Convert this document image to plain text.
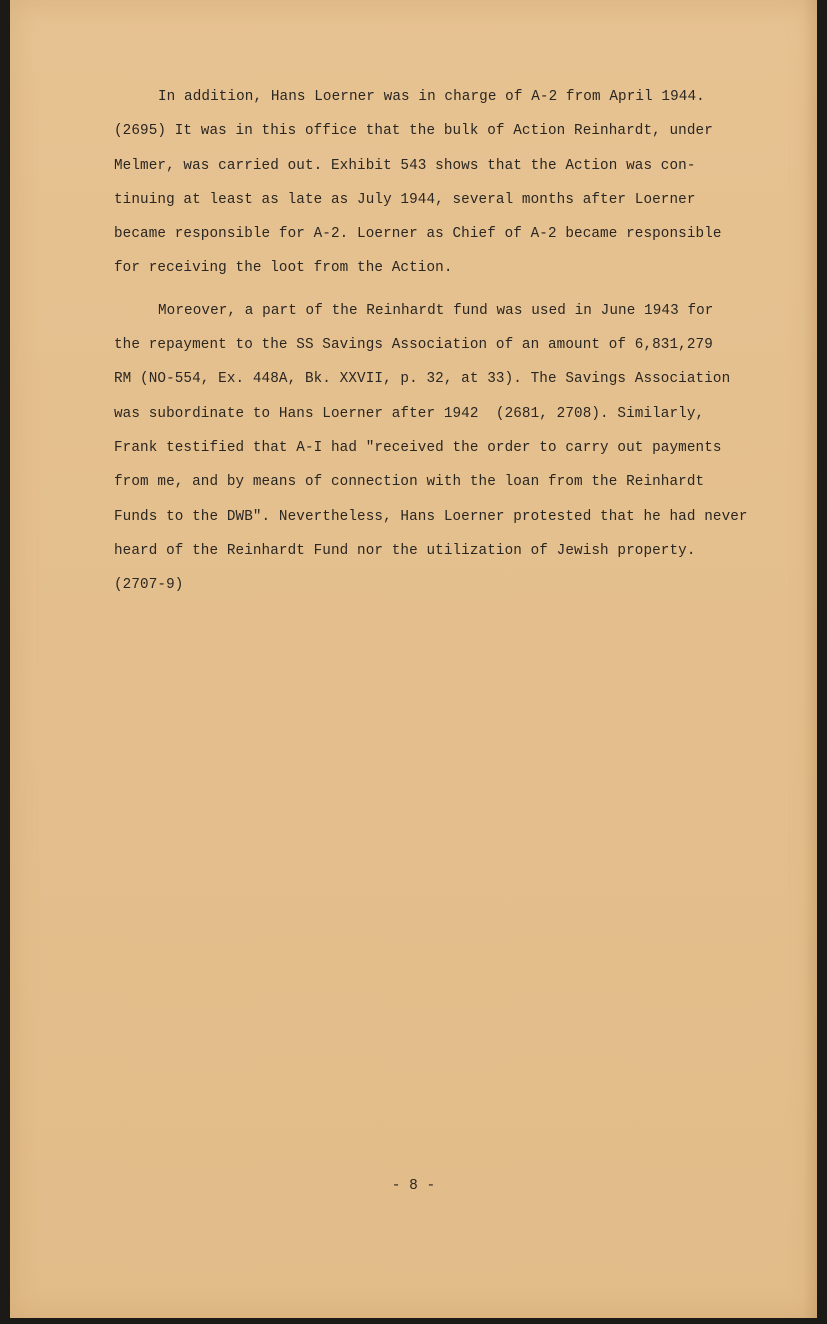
In addition, Hans Loerner was in charge of A-2 from April 1944.
(2695) It was in this office that the bulk of Action Reinhardt, under
Melmer, was carried out. Exhibit 543 shows that the Action was con-
tinuing at least as late as July 1944, several months after Loerner
became responsible for A-2. Loerner as Chief of A-2 became responsible
for receiving the loot from the Action.
Moreover, a part of the Reinhardt fund was used in June 1943 for
the repayment to the SS Savings Association of an amount of 6,831,279
RM (NO-554, Ex. 448A, Bk. XXVII, p. 32, at 33). The Savings Association
was subordinate to Hans Loerner after 1942  (2681, 2708). Similarly,
Frank testified that A-I had "received the order to carry out payments
from me, and by means of connection with the loan from the Reinhardt
Funds to the DWB". Nevertheless, Hans Loerner protested that he had never
heard of the Reinhardt Fund nor the utilization of Jewish property.
(2707-9)
- 8 -
